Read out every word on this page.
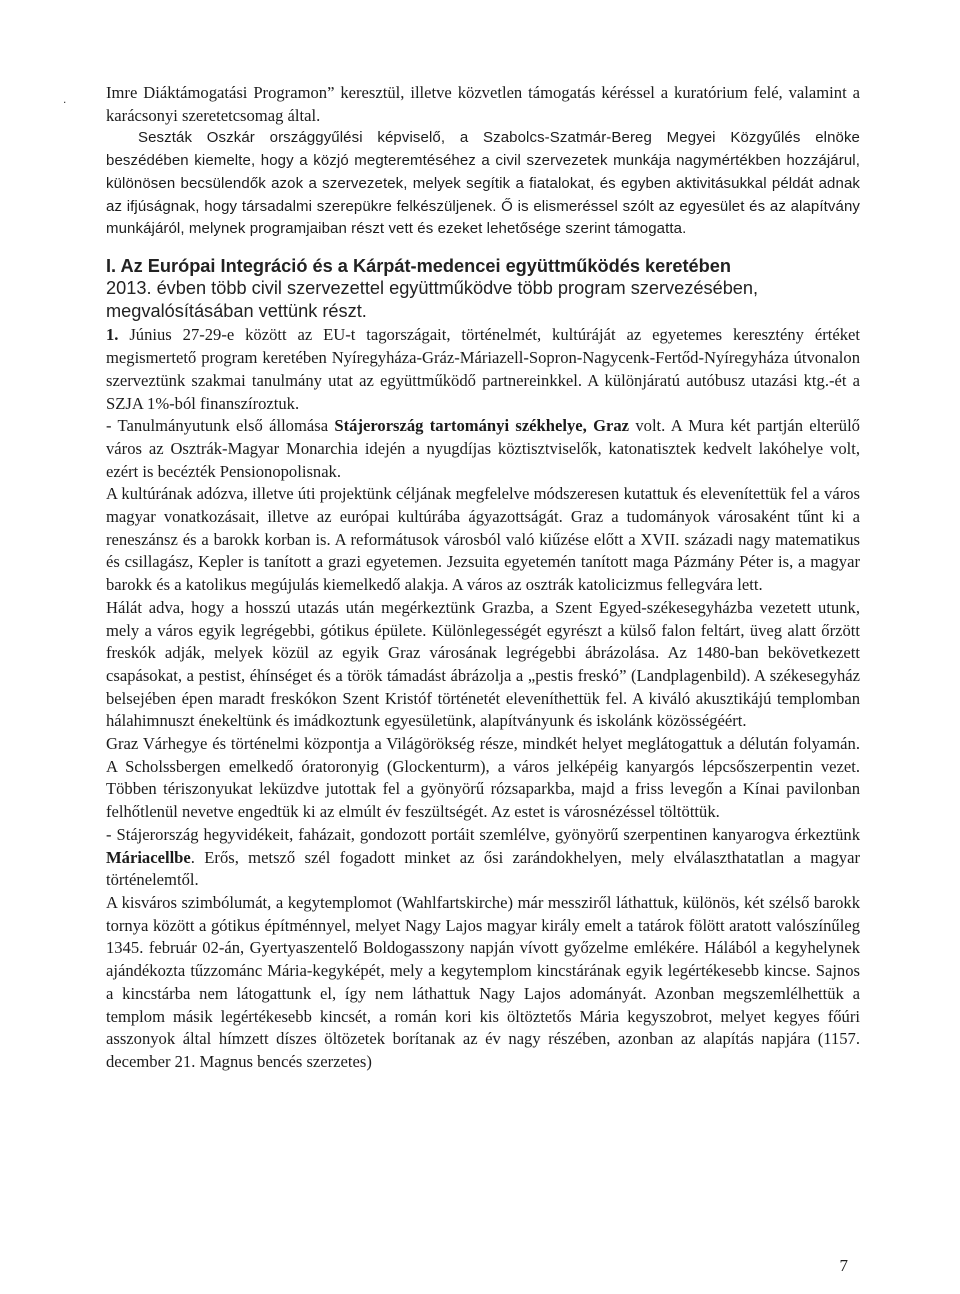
. Imre Diáktámogatási Programon” keresztül, illetve közvetlen támogatás kéréssel a kuratórium felé, valamint a karácsonyi szeretetcsomag által.

Seszták Oszkár országgyűlési képviselő, a Szabolcs-Szatmár-Bereg Megyei Közgyűlés elnöke beszédében kiemelte, hogy a közjó megteremtéséhez a civil szervezetek munkája nagymértékben hozzájárul, különösen becsülendők azok a szervezetek, melyek segítik a fiatalokat, és egyben aktivitásukkal példát adnak az ifjúságnak, hogy társadalmi szerepükre felkészüljenek. Ő is elismeréssel szólt az egyesület és az alapítvány munkájáról, melynek programjaiban részt vett és ezeket lehetősége szerint támogatta.

I. Az Európai Integráció és a Kárpát-medencei együttműködés keretében

2013. évben több civil szervezettel együttműködve több program szervezésében, megvalósításában vettünk részt.

1. Június 27-29-e között az EU-t tagországait, történelmét, kultúráját az egyetemes keresztény értéket megismertető program keretében Nyíregyháza-Gráz-Máriazell-Sopron-Nagycenk-Fertőd-Nyíregyháza útvonalon szerveztünk szakmai tanulmány utat az együttműködő partnereinkkel. A különjáratú autóbusz utazási ktg.-ét a SZJA 1%-ból finanszíroztuk.

- Tanulmányutunk első állomása Stájerország tartományi székhelye, Graz volt. A Mura két partján elterülő város az Osztrák-Magyar Monarchia idején a nyugdíjas köztisztviselők, katonatisztek kedvelt lakóhelye volt, ezért is becézték Pensionopolisnak.

A kultúrának adózva, illetve úti projektünk céljának megfelelve módszeresen kutattuk és elevenítettük fel a város magyar vonatkozásait, illetve az európai kultúrába ágyazottságát. Graz a tudományok városaként tűnt ki a reneszánsz és a barokk korban is. A reformátusok városból való kiűzése előtt a XVII. századi nagy matematikus és csillagász, Kepler is tanított a grazi egyetemen. Jezsuita egyetemén tanított maga Pázmány Péter is, a magyar barokk és a katolikus megújulás kiemelkedő alakja. A város az osztrák katolicizmus fellegvára lett.

Hálát adva, hogy a hosszú utazás után megérkeztünk Grazba, a Szent Egyed-székesegyházba vezetett utunk, mely a város egyik legrégebbi, gótikus épülete. Különlegességét egyrészt a külső falon feltárt, üveg alatt őrzött freskók adják, melyek közül az egyik Graz városának legrégebbi ábrázolása. Az 1480-ban bekövetkezett csapásokat, a pestist, éhínséget és a török támadást ábrázolja a „pestis freskó” (Landplagenbild). A székesegyház belsejében épen maradt freskókon Szent Kristóf történetét eleveníthettük fel. A kiváló akusztikájú templomban hálahimnuszt énekeltünk és imádkoztunk egyesületünk, alapítványunk és iskolánk közösségéért.

Graz Várhegye és történelmi központja a Világörökség része, mindkét helyet meglátogattuk a délután folyamán. A Scholssbergen emelkedő óratoronyig (Glockenturm), a város jelképéig kanyargós lépcsőszerpentin vezet. Többen tériszonyukat leküzdve jutottak fel a gyönyörű rózsaparkba, majd a friss levegőn a Kínai pavilonban felhőtlenül nevetve engedtük ki az elmúlt év feszültségét. Az estet is városnézéssel töltöttük.

- Stájerország hegyvidékeit, faházait, gondozott portáit szemlélve, gyönyörű szerpentinen kanyarogva érkeztünk Máriacellbe. Erős, metsző szél fogadott minket az ősi zarándokhelyen, mely elválaszthatatlan a magyar történelemtől.

A kisváros szimbólumát, a kegytemplomot (Wahlfartskirche) már messziről láthattuk, különös, két szélső barokk tornya között a gótikus építménnyel, melyet Nagy Lajos magyar király emelt a tatárok fölött aratott valószínűleg 1345. február 02-án, Gyertyaszentelő Boldogasszony napján vívott győzelme emlékére. Hálából a kegyhelynek ajándékozta tűzzománc Mária-kegyképét, mely a kegytemplom kincstárának egyik legértékesebb kincse. Sajnos a kincstárba nem látogattunk el, így nem láthattuk Nagy Lajos adományát. Azonban megszemlélhettük a templom másik legértékesebb kincsét, a román kori kis öltöztetős Mária kegyszobrot, melyet kegyes főúri asszonyok által hímzett díszes öltözetek borítanak az év nagy részében, azonban az alapítás napjára (1157. december 21. Magnus bencés szerzetes)

7
